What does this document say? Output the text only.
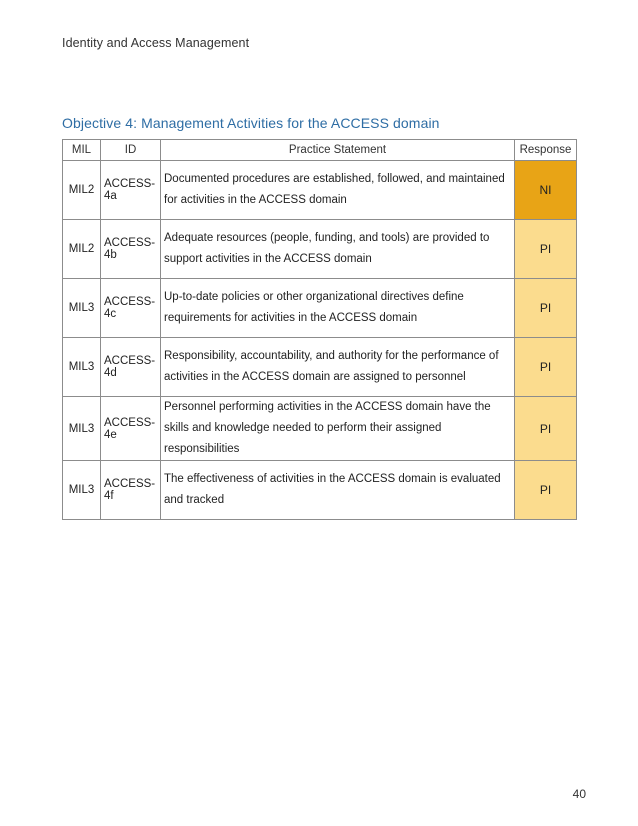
Identity and Access Management
Objective 4: Management Activities for the ACCESS domain
MIL	ID	Practice Statement	Response
MIL2	ACCESS-4a	Documented procedures are established, followed, and maintained for activities in the ACCESS domain	NI
MIL2	ACCESS-4b	Adequate resources (people, funding, and tools) are provided to support activities in the ACCESS domain	PI
MIL3	ACCESS-4c	Up-to-date policies or other organizational directives define requirements for activities in the ACCESS domain	PI
MIL3	ACCESS-4d	Responsibility, accountability, and authority for the performance of activities in the ACCESS domain are assigned to personnel	PI
MIL3	ACCESS-4e	Personnel performing activities in the ACCESS domain have the skills and knowledge needed to perform their assigned responsibilities	PI
MIL3	ACCESS-4f	The effectiveness of activities in the ACCESS domain is evaluated and tracked	PI
40
